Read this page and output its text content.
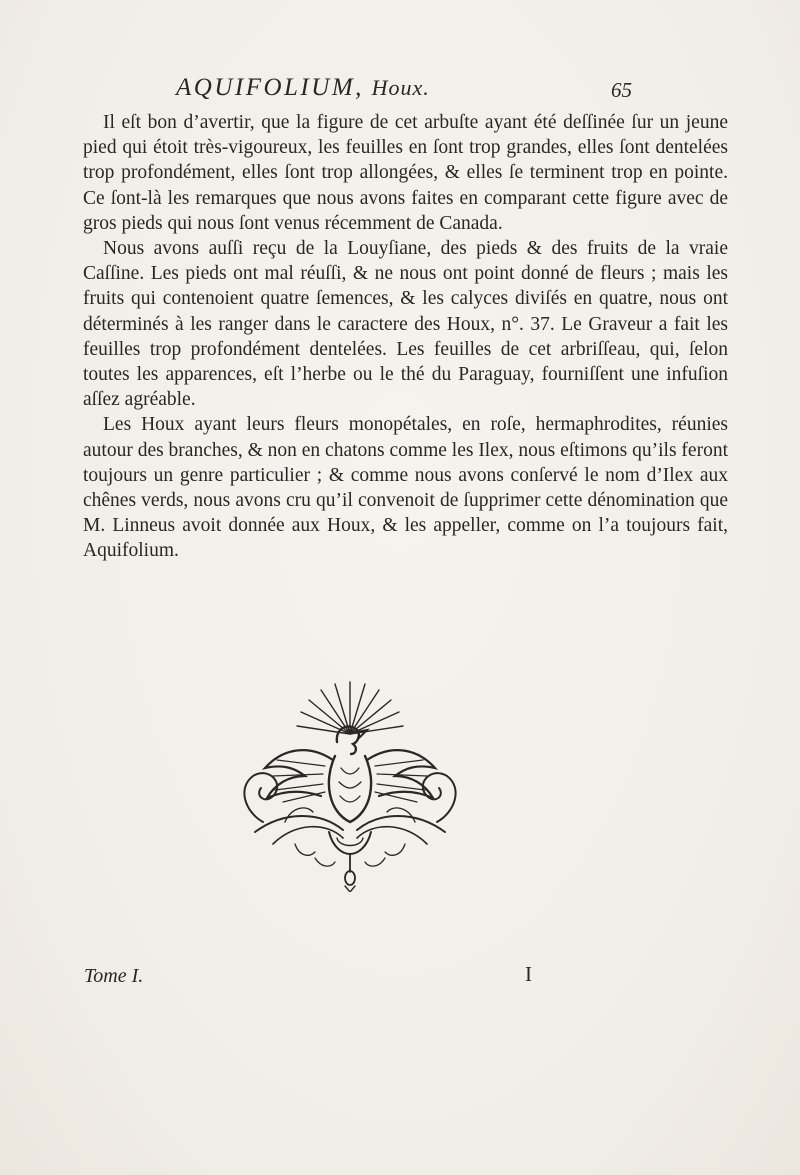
AQUIFOLIUM, Houx.	65

Il eſt bon d’avertir, que la figure de cet arbuſte ayant été deſſinée ſur un jeune pied qui étoit très-vigoureux, les feuilles en ſont trop grandes, elles ſont dentelées trop profondément, elles ſont trop allongées, & elles ſe terminent trop en pointe. Ce ſont-là les remarques que nous avons faites en comparant cette figure avec de gros pieds qui nous ſont venus récemment de Canada.

Nous avons auſſi reçu de la Louyſiane, des pieds & des fruits de la vraie Caſſine. Les pieds ont mal réuſſi, & ne nous ont point donné de fleurs ; mais les fruits qui contenoient quatre ſemences, & les calyces diviſés en quatre, nous ont déterminés à les ranger dans le caractere des Houx, n°. 37. Le Graveur a fait les feuilles trop profondément dentelées. Les feuilles de cet arbriſſeau, qui, ſelon toutes les apparences, eſt l’herbe ou le thé du Paraguay, fourniſſent une infuſion aſſez agréable.

Les Houx ayant leurs fleurs monopétales, en roſe, hermaphrodites, réunies autour des branches, & non en chatons comme les Ilex, nous eſtimons qu’ils feront toujours un genre particulier ; & comme nous avons conſervé le nom d’Ilex aux chênes verds, nous avons cru qu’il convenoit de ſupprimer cette dénomination que M. Linneus avoit donnée aux Houx, & les appeller, comme on l’a toujours fait, Aquifolium.

Tome I.	I
